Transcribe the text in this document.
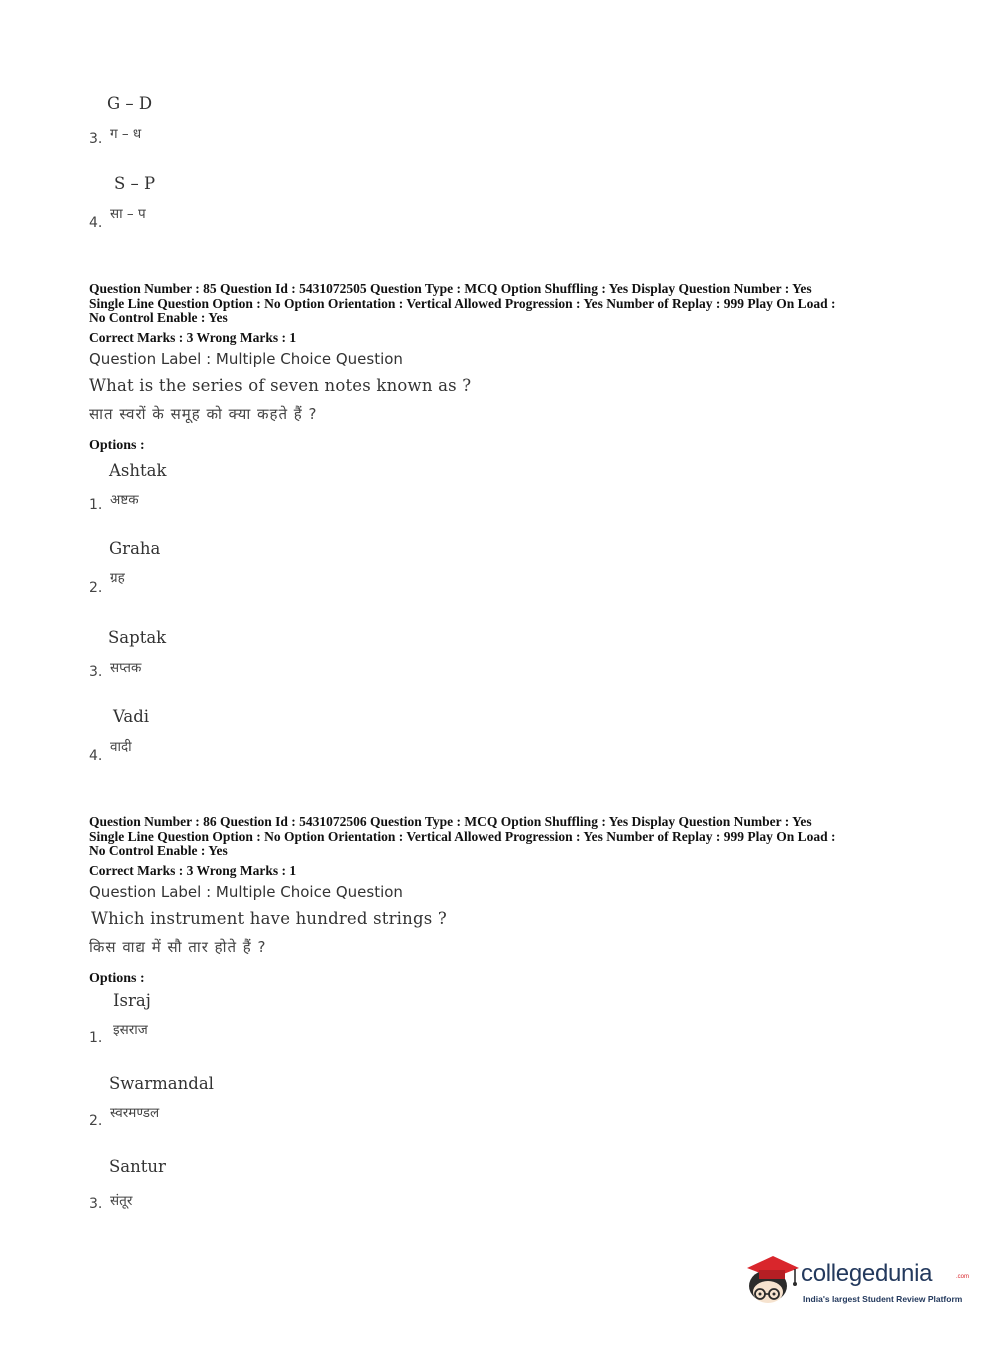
G – D
ग – ध
3.
S – P
सा – प
4.
Question Number : 85 Question Id : 5431072505 Question Type : MCQ Option Shuffling : Yes Display Question Number : Yes
Single Line Question Option : No Option Orientation : Vertical Allowed Progression : Yes Number of Replay : 999 Play On Load :
No Control Enable : Yes
Correct Marks : 3 Wrong Marks : 1
Question Label : Multiple Choice Question
What is the series of seven notes known as ?
सात स्वरों के समूह को क्या कहते हैं ?
Options :
Ashtak
अष्टक
1.
Graha
ग्रह
2.
Saptak
सप्तक
3.
Vadi
वादी
4.
Question Number : 86 Question Id : 5431072506 Question Type : MCQ Option Shuffling : Yes Display Question Number : Yes
Single Line Question Option : No Option Orientation : Vertical Allowed Progression : Yes Number of Replay : 999 Play On Load :
No Control Enable : Yes
Correct Marks : 3 Wrong Marks : 1
Question Label : Multiple Choice Question
Which instrument have hundred strings ?
किस वाद्य में सौ तार होते हैं ?
Options :
Israj
इसराज
1.
Swarmandal
स्वरमण्डल
2.
Santur
संतूर
3.
collegedunia	.com
India's largest Student Review Platform
